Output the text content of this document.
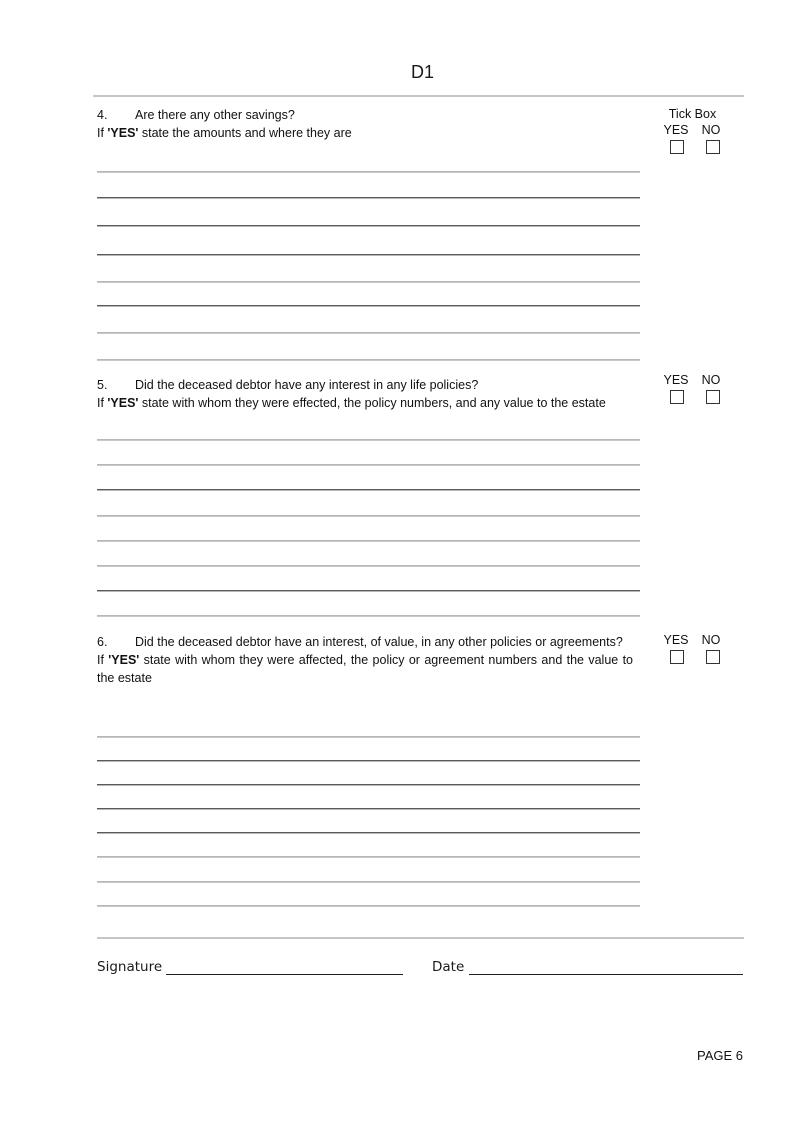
D1
4. Are there any other savings?
If 'YES' state the amounts and where they are
Tick Box
YES	NO
5. Did the deceased debtor have any interest in any life policies?
If 'YES' state with whom they were effected, the policy numbers, and any value to the estate
YES	NO
6. Did the deceased debtor have an interest, of value, in any other policies or agreements?
If 'YES' state with whom they were affected, the policy or agreement numbers and the value to the estate
YES	NO
Signature	Date
PAGE 6
